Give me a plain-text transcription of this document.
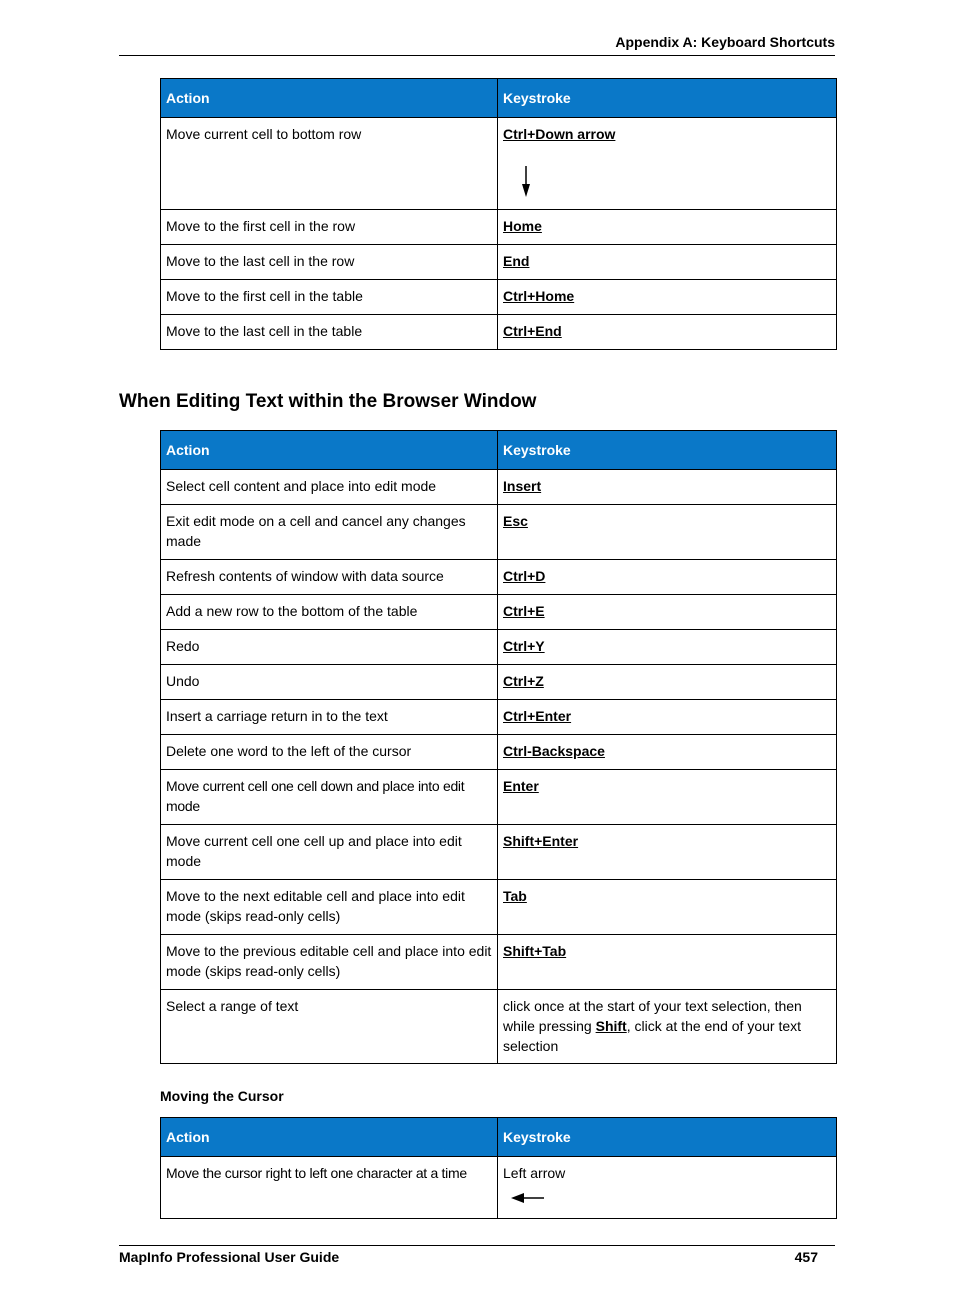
Appendix A: Keyboard Shortcuts
Action	Keystroke
Move current cell to bottom row	Ctrl+Down arrow

Move to the first cell in the row	Home
Move to the last cell in the row	End
Move to the first cell in the table	Ctrl+Home
Move to the last cell in the table	Ctrl+End
When Editing Text within the Browser Window
Action	Keystroke
Select cell content and place into edit mode	Insert
Exit edit mode on a cell and cancel any changes made	Esc
Refresh contents of window with data source	Ctrl+D
Add a new row to the bottom of the table	Ctrl+E
Redo	Ctrl+Y
Undo	Ctrl+Z
Insert a carriage return in to the text	Ctrl+Enter
Delete one word to the left of the cursor	Ctrl-Backspace
Move current cell one cell down and place into edit mode	Enter
Move current cell one cell up and place into edit mode	Shift+Enter
Move to the next editable cell and place into edit mode (skips read-only cells)	Tab
Move to the previous editable cell and place into edit mode (skips read-only cells)	Shift+Tab
Select a range of text	click once at the start of your text selection, then while pressing Shift, click at the end of your text selection
Moving the Cursor
Action	Keystroke
Move the cursor right to left one character at a time	Left arrow
MapInfo Professional User Guide	457
